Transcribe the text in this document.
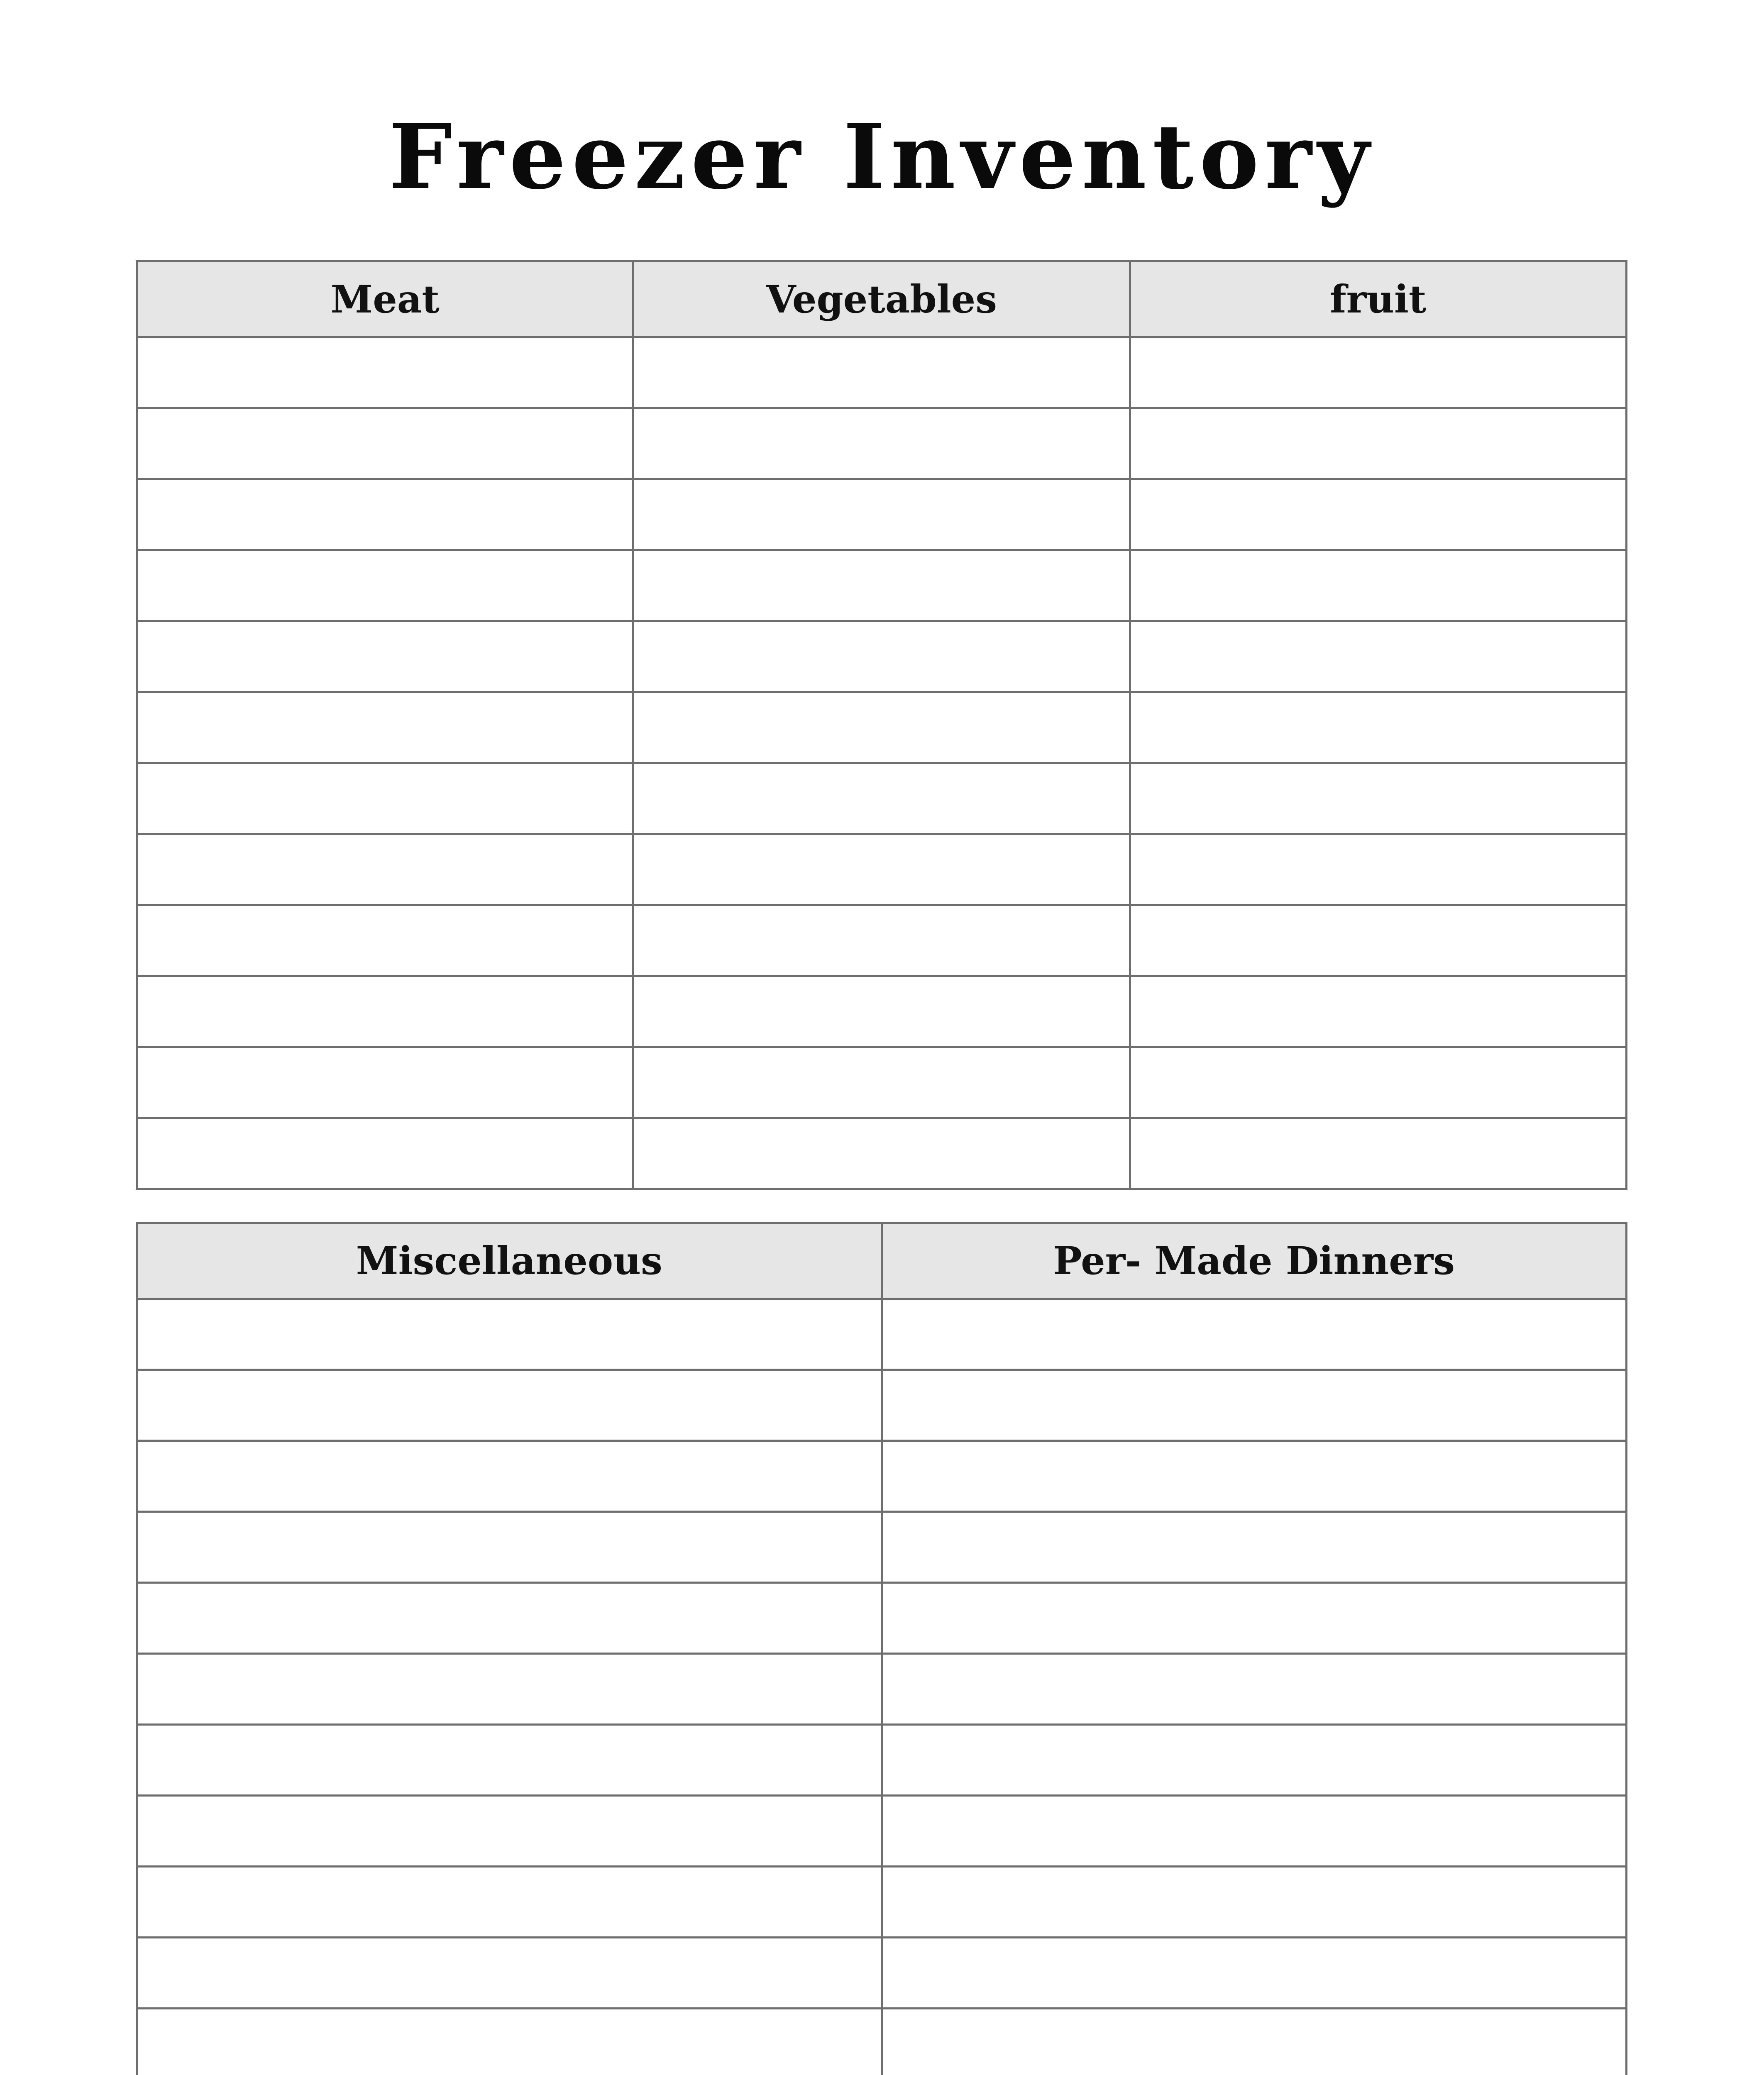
Freezer Inventory
Meat	Vegetables	fruit

Miscellaneous	Per- Made Dinners
